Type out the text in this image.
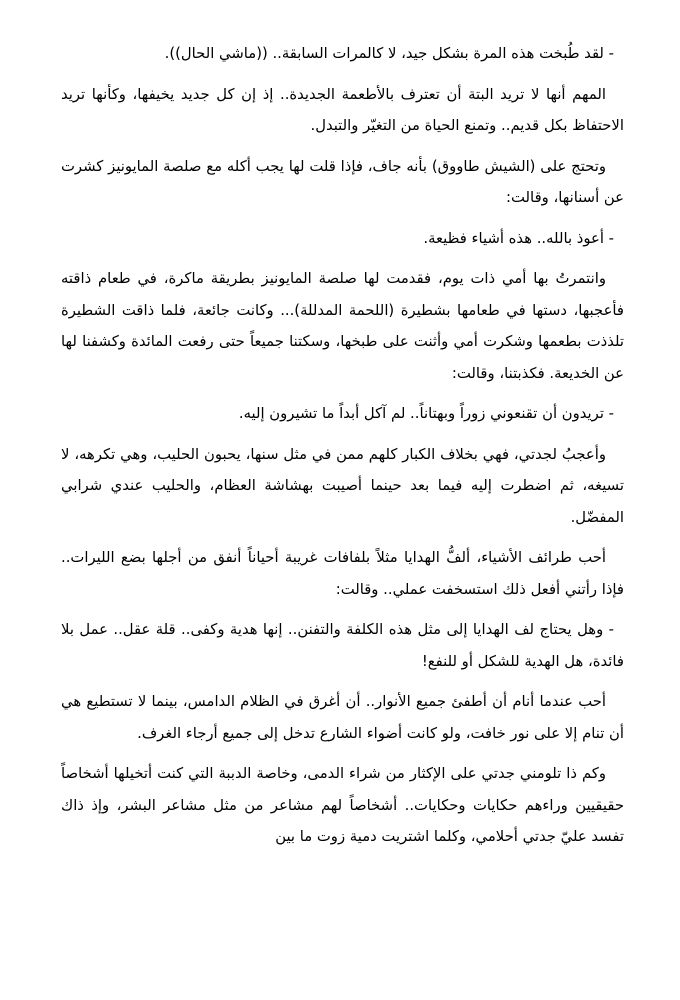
- لقد طُبخت هذه المرة بشكل جيد، لا كالمرات السابقة.. ((ماشي الحال)).

المهم أنها لا تريد البتة أن تعترف بالأطعمة الجديدة.. إذ إن كل جديد يخيفها، وكأنها تريد الاحتفاظ بكل قديم.. وتمنع الحياة من التغيّر والتبدل.

وتحتج على (الشيش طاووق) بأنه جاف، فإذا قلت لها يجب أكله مع صلصة المايونيز كشرت عن أسنانها، وقالت:

- أعوذ بالله.. هذه أشياء فظيعة.

وانتمرتُ بها أمي ذات يوم، فقدمت لها صلصة المايونيز بطريقة ماكرة، في طعام ذاقته فأعجبها، دستها في طعامها بشطيرة (اللحمة المدللة)... وكانت جائعة، فلما ذاقت الشطيرة تلذذت بطعمها وشكرت أمي وأثنت على طبخها، وسكتنا جميعاً حتى رفعت المائدة وكشفنا لها عن الخديعة. فكذبتنا، وقالت:

- تريدون أن تقنعوني زوراً وبهتاناً.. لم آكل أبداً ما تشيرون إليه.

وأعجبُ لجدتي، فهي بخلاف الكبار كلهم ممن في مثل سنها، يحبون الحليب، وهي تكرهه، لا تسيغه، ثم اضطرت إليه فيما بعد حينما أصيبت بهشاشة العظام، والحليب عندي شرابي المفضّل.

أحب طرائف الأشياء، ألفُّ الهدايا مثلاً بلفافات غريبة أحياناً أنفق من أجلها بضع الليرات.. فإذا رأتني أفعل ذلك استسخفت عملي.. وقالت:

- وهل يحتاج لف الهدايا إلى مثل هذه الكلفة والتفنن.. إنها هدية وكفى.. قلة عقل.. عمل بلا فائدة، هل الهدية للشكل أو للنفع!

أحب عندما أنام أن أطفئ جميع الأنوار.. أن أغرق في الظلام الدامس، بينما لا تستطيع هي أن تنام إلا على نور خافت، ولو كانت أضواء الشارع تدخل إلى جميع أرجاء الغرف.

وكم ذا تلومني جدتي على الإكثار من شراء الدمى، وخاصة الدببة التي كنت أتخيلها أشخاصاً حقيقيين وراءهم حكايات وحكايات.. أشخاصاً لهم مشاعر من مثل مشاعر البشر، وإذ ذاك تفسد عليّ جدتي أحلامي، وكلما اشتريت دمية زوت ما بين
